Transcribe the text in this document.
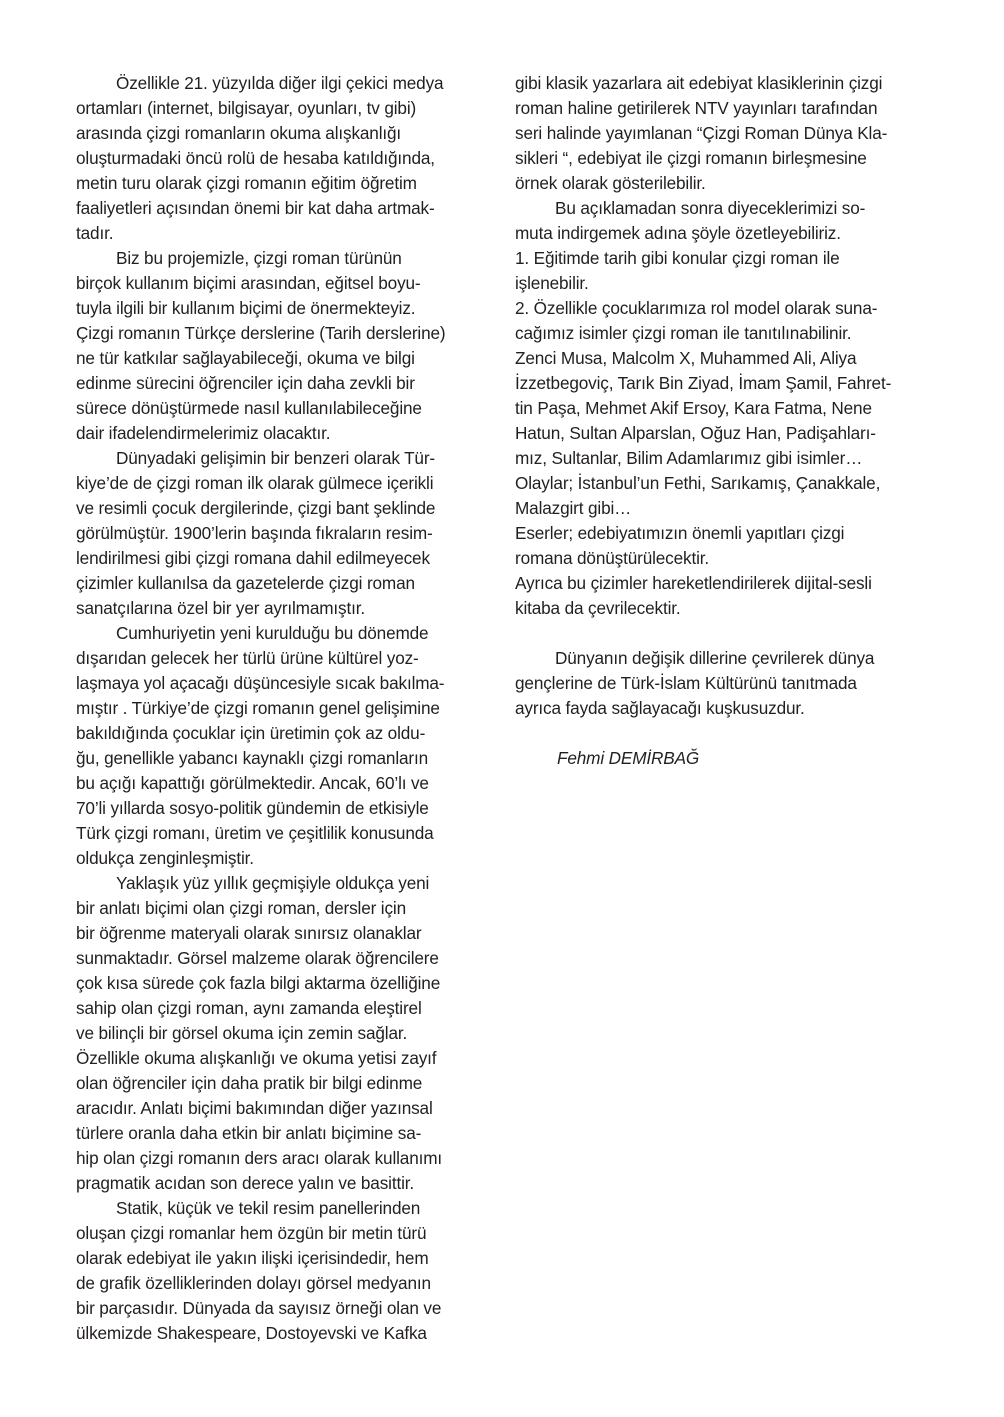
Özellikle 21. yüzyılda diğer ilgi çekici medya
ortamları (internet, bilgisayar, oyunları, tv gibi)
arasında çizgi romanların okuma alışkanlığı
oluşturmadaki öncü rolü de hesaba katıldığında,
metin turu olarak çizgi romanın eğitim öğretim
faaliyetleri açısından önemi bir kat daha artmak-
tadır.
Biz bu projemizle, çizgi roman türünün
birçok kullanım biçimi arasından, eğitsel boyu-
tuyla ilgili bir kullanım biçimi de önermekteyiz.
Çizgi romanın Türkçe derslerine (Tarih derslerine)
ne tür katkılar sağlayabileceği, okuma ve bilgi
edinme sürecini öğrenciler için daha zevkli bir
sürece dönüştürmede nasıl kullanılabileceğine
dair ifadelendirmelerimiz olacaktır.
Dünyadaki gelişimin bir benzeri olarak Tür-
kiye’de de çizgi roman ilk olarak gülmece içerikli
ve resimli çocuk dergilerinde, çizgi bant şeklinde
görülmüştür. 1900’lerin başında fıkraların resim-
lendirilmesi gibi çizgi romana dahil edilmeyecek
çizimler kullanılsa da gazetelerde çizgi roman
sanatçılarına özel bir yer ayrılmamıştır.
Cumhuriyetin yeni kurulduğu bu dönemde
dışarıdan gelecek her türlü ürüne kültürel yoz-
laşmaya yol açacağı düşüncesiyle sıcak bakılma-
mıştır . Türkiye’de çizgi romanın genel gelişimine
bakıldığında çocuklar için üretimin çok az oldu-
ğu, genellikle yabancı kaynaklı çizgi romanların
bu açığı kapattığı görülmektedir. Ancak, 60’lı ve
70’li yıllarda sosyo-politik gündemin de etkisiyle
Türk çizgi romanı, üretim ve çeşitlilik konusunda
oldukça zenginleşmiştir.
Yaklaşık yüz yıllık geçmişiyle oldukça yeni
bir anlatı biçimi olan çizgi roman, dersler için
bir öğrenme materyali olarak sınırsız olanaklar
sunmaktadır. Görsel malzeme olarak öğrencilere
çok kısa sürede çok fazla bilgi aktarma özelliğine
sahip olan çizgi roman, aynı zamanda eleştirel
ve bilinçli bir görsel okuma için zemin sağlar.
Özellikle okuma alışkanlığı ve okuma yetisi zayıf
olan öğrenciler için daha pratik bir bilgi edinme
aracıdır. Anlatı biçimi bakımından diğer yazınsal
türlere oranla daha etkin bir anlatı biçimine sa-
hip olan çizgi romanın ders aracı olarak kullanımı
pragmatik acıdan son derece yalın ve basittir.
Statik, küçük ve tekil resim panellerinden
oluşan çizgi romanlar hem özgün bir metin türü
olarak edebiyat ile yakın ilişki içerisindedir, hem
de grafik özelliklerinden dolayı görsel medyanın
bir parçasıdır. Dünyada da sayısız örneği olan ve
ülkemizde Shakespeare, Dostoyevski ve Kafka
gibi klasik yazarlara ait edebiyat klasiklerinin çizgi
roman haline getirilerek NTV yayınları tarafından
seri halinde yayımlanan “Çizgi Roman Dünya Kla-
sikleri “, edebiyat ile çizgi romanın birleşmesine
örnek olarak gösterilebilir.
Bu açıklamadan sonra diyeceklerimizi so-
muta indirgemek adına şöyle özetleyebiliriz.
1. Eğitimde tarih gibi konular çizgi roman ile
işlenebilir.
2. Özellikle çocuklarımıza rol model olarak suna-
cağımız isimler çizgi roman ile tanıtılınabilinir.
Zenci Musa, Malcolm X, Muhammed Ali, Aliya
İzzetbegoviç, Tarık Bin Ziyad, İmam Şamil, Fahret-
tin Paşa, Mehmet Akif Ersoy, Kara Fatma, Nene
Hatun, Sultan Alparslan, Oğuz Han, Padişahları-
mız, Sultanlar, Bilim Adamlarımız gibi isimler…
Olaylar; İstanbul’un Fethi, Sarıkamış, Çanakkale,
Malazgirt gibi…
Eserler; edebiyatımızın önemli yapıtları çizgi
romana dönüştürülecektir.
Ayrıca bu çizimler hareketlendirilerek dijital-sesli
kitaba da çevrilecektir.
Dünyanın değişik dillerine çevrilerek dünya
gençlerine de Türk-İslam Kültürünü tanıtmada
ayrıca fayda sağlayacağı kuşkusuzdur.
Fehmi DEMİRBAĞ
